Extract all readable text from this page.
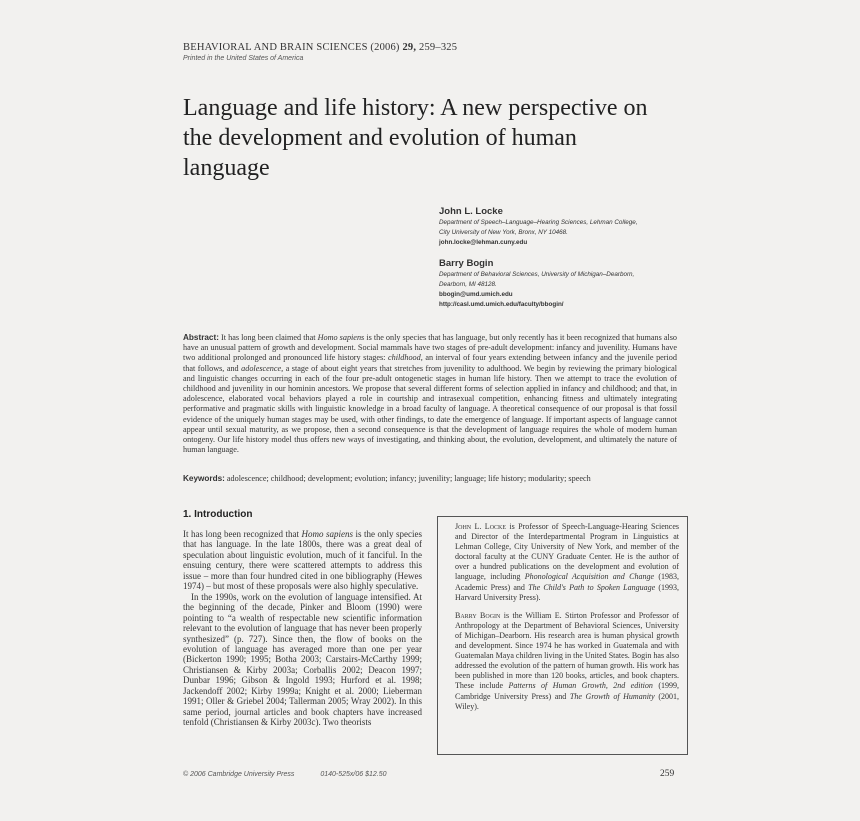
BEHAVIORAL AND BRAIN SCIENCES (2006) 29, 259–325
Printed in the United States of America
Language and life history: A new perspective on the development and evolution of human language

John L. Locke

Department of Speech–Language–Hearing Sciences, Lehman College,

City University of New York, Bronx, NY 10468.

john.locke@lehman.cuny.edu

Barry Bogin

Department of Behavioral Sciences, University of Michigan–Dearborn,

Dearborn, MI 48128.

bbogin@umd.umich.edu

http://casl.umd.umich.edu/faculty/bbogin/

Abstract: It has long been claimed that Homo sapiens is the only species that has language, but only recently has it been recognized that humans also have an unusual pattern of growth and development. Social mammals have two stages of pre-adult development: infancy and juvenility. Humans have two additional prolonged and pronounced life history stages: childhood, an interval of four years extending between infancy and the juvenile period that follows, and adolescence, a stage of about eight years that stretches from juvenility to adulthood. We begin by reviewing the primary biological and linguistic changes occurring in each of the four pre-adult ontogenetic stages in human life history. Then we attempt to trace the evolution of childhood and juvenility in our hominin ancestors. We propose that several different forms of selection applied in infancy and childhood; and that, in adolescence, elaborated vocal behaviors played a role in courtship and intrasexual competition, enhancing fitness and ultimately integrating performative and pragmatic skills with linguistic knowledge in a broad faculty of language. A theoretical consequence of our proposal is that fossil evidence of the uniquely human stages may be used, with other findings, to date the emergence of language. If important aspects of language cannot appear until sexual maturity, as we propose, then a second consequence is that the development of language requires the whole of modern human ontogeny. Our life history model thus offers new ways of investigating, and thinking about, the evolution, development, and ultimately the nature of human language.
Keywords: adolescence; childhood; development; evolution; infancy; juvenility; language; life history; modularity; speech
1. Introduction

It has long been recognized that Homo sapiens is the only species that has language. In the late 1800s, there was a great deal of speculation about linguistic evolution, much of it fanciful. In the ensuing century, there were scattered attempts to address this issue – more than four hundred cited in one bibliography (Hewes 1974) – but most of these proposals were also highly speculative.

In the 1990s, work on the evolution of language intensified. At the beginning of the decade, Pinker and Bloom (1990) were pointing to “a wealth of respectable new scientific information relevant to the evolution of language that has never been properly synthesized” (p. 727). Since then, the flow of books on the evolution of language has averaged more than one per year (Bickerton 1990; 1995; Botha 2003; Carstairs-McCarthy 1999; Christiansen & Kirby 2003a; Corballis 2002; Deacon 1997; Dunbar 1996; Gibson & Ingold 1993; Hurford et al. 1998; Jackendoff 2002; Kirby 1999a; Knight et al. 2000; Lieberman 1991; Oller & Griebel 2004; Tallerman 2005; Wray 2002). In this same period, journal articles and book chapters have increased tenfold (Christiansen & Kirby 2003c). Two theorists

John L. Locke is Professor of Speech-Language-Hearing Sciences and Director of the Interdepartmental Program in Linguistics at Lehman College, City University of New York, and member of the doctoral faculty at the CUNY Graduate Center. He is the author of over a hundred publications on the development and evolution of language, including Phonological Acquisition and Change (1983, Academic Press) and The Child's Path to Spoken Language (1993, Harvard University Press).

Barry Bogin is the William E. Stirton Professor and Professor of Anthropology at the Department of Behavioral Sciences, University of Michigan–Dearborn. His research area is human physical growth and development. Since 1974 he has worked in Guatemala and with Guatemalan Maya children living in the United States. Bogin has also addressed the evolution of the pattern of human growth. His work has been published in more than 120 books, articles, and book chapters. These include Patterns of Human Growth, 2nd edition (1999, Cambridge University Press) and The Growth of Humanity (2001, Wiley).

© 2006 Cambridge University Press	0140-525x/06 $12.50	259
